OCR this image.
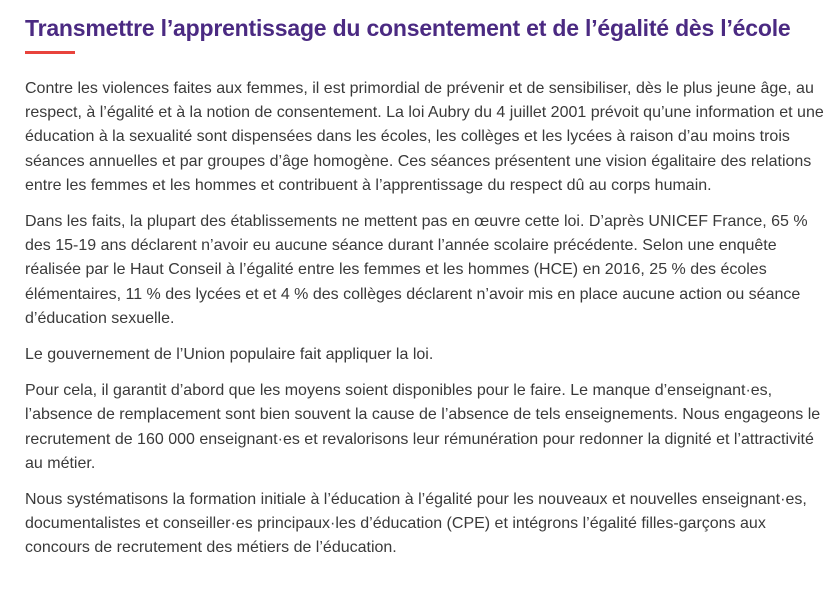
Transmettre l’apprentissage du consentement et de l’égalité dès l’école

Contre les violences faites aux femmes, il est primordial de prévenir et de sensibiliser, dès le plus jeune âge, au respect, à l’égalité et à la notion de consentement. La loi Aubry du 4 juillet 2001 prévoit qu’une information et une éducation à la sexualité sont dispensées dans les écoles, les collèges et les lycées à raison d’au moins trois séances annuelles et par groupes d’âge homogène. Ces séances présentent une vision égalitaire des relations entre les femmes et les hommes et contribuent à l’apprentissage du respect dû au corps humain.

Dans les faits, la plupart des établissements ne mettent pas en œuvre cette loi. D’après UNICEF France, 65 % des 15-19 ans déclarent n’avoir eu aucune séance durant l’année scolaire précédente. Selon une enquête réalisée par le Haut Conseil à l’égalité entre les femmes et les hommes (HCE) en 2016, 25 % des écoles élémentaires, 11 % des lycées et et 4 % des collèges déclarent n’avoir mis en place aucune action ou séance d’éducation sexuelle.

Le gouvernement de l’Union populaire fait appliquer la loi.

Pour cela, il garantit d’abord que les moyens soient disponibles pour le faire. Le manque d’enseignant·es, l’absence de remplacement sont bien souvent la cause de l’absence de tels enseignements. Nous engageons le recrutement de 160 000 enseignant·es et revalorisons leur rémunération pour redonner la dignité et l’attractivité au métier.

Nous systématisons la formation initiale à l’éducation à l’égalité pour les nouveaux et nouvelles enseignant·es, documentalistes et conseiller·es principaux·les d’éducation (CPE) et intégrons l’égalité filles-garçons aux concours de recrutement des métiers de l’éducation.
